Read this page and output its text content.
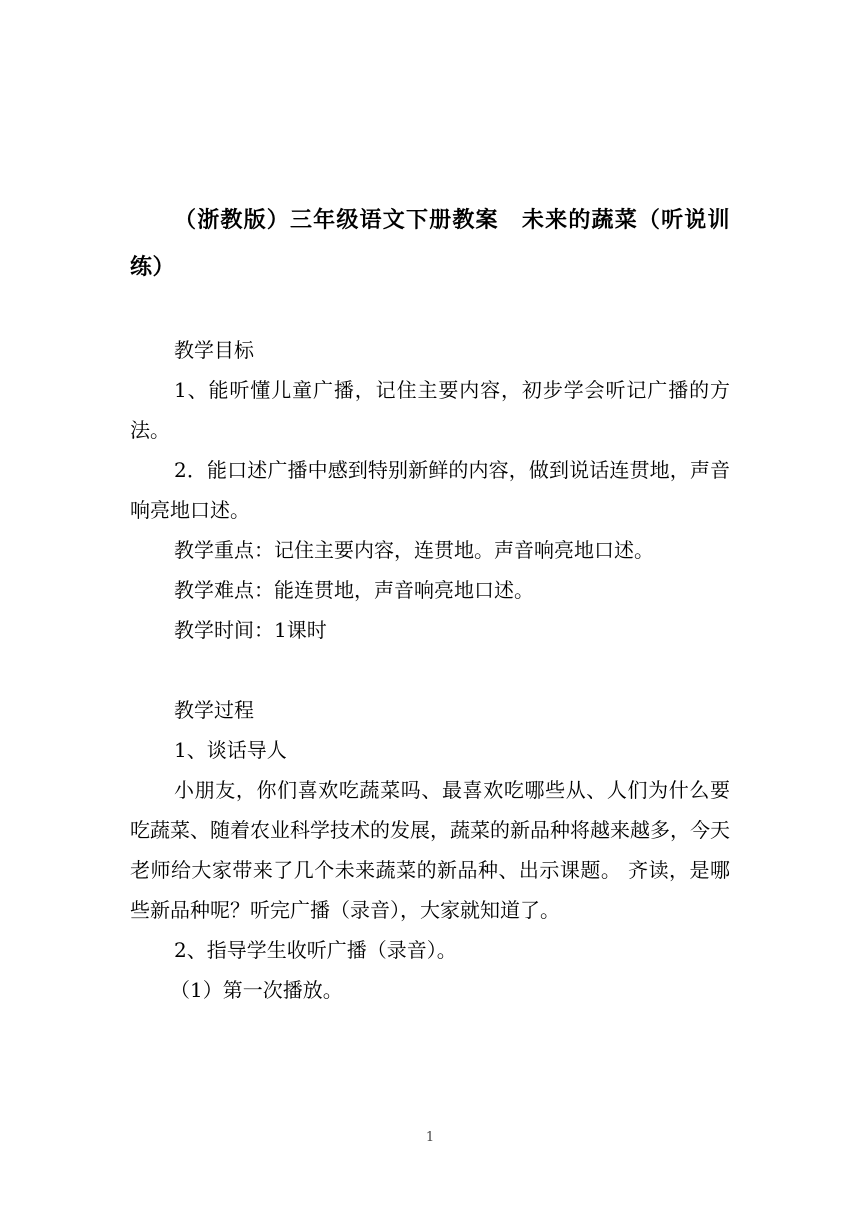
（浙教版）三年级语文下册教案　未来的蔬菜（听说训练）

教学目标

1、能听懂儿童广播，记住主要内容，初步学会听记广播的方法。

2．能口述广播中感到特别新鲜的内容，做到说话连贯地，声音响亮地口述。

教学重点：记住主要内容，连贯地。声音响亮地口述。

教学难点：能连贯地，声音响亮地口述。

教学时间：1课时

教学过程

1、谈话导人

小朋友，你们喜欢吃蔬菜吗、最喜欢吃哪些从、人们为什么要吃蔬菜、随着农业科学技术的发展，蔬菜的新品种将越来越多，今天老师给大家带来了几个未来蔬菜的新品种、出示课题。 齐读，是哪些新品种呢？听完广播（录音），大家就知道了。

2、指导学生收听广播（录音）。

（1）第一次播放。

1
